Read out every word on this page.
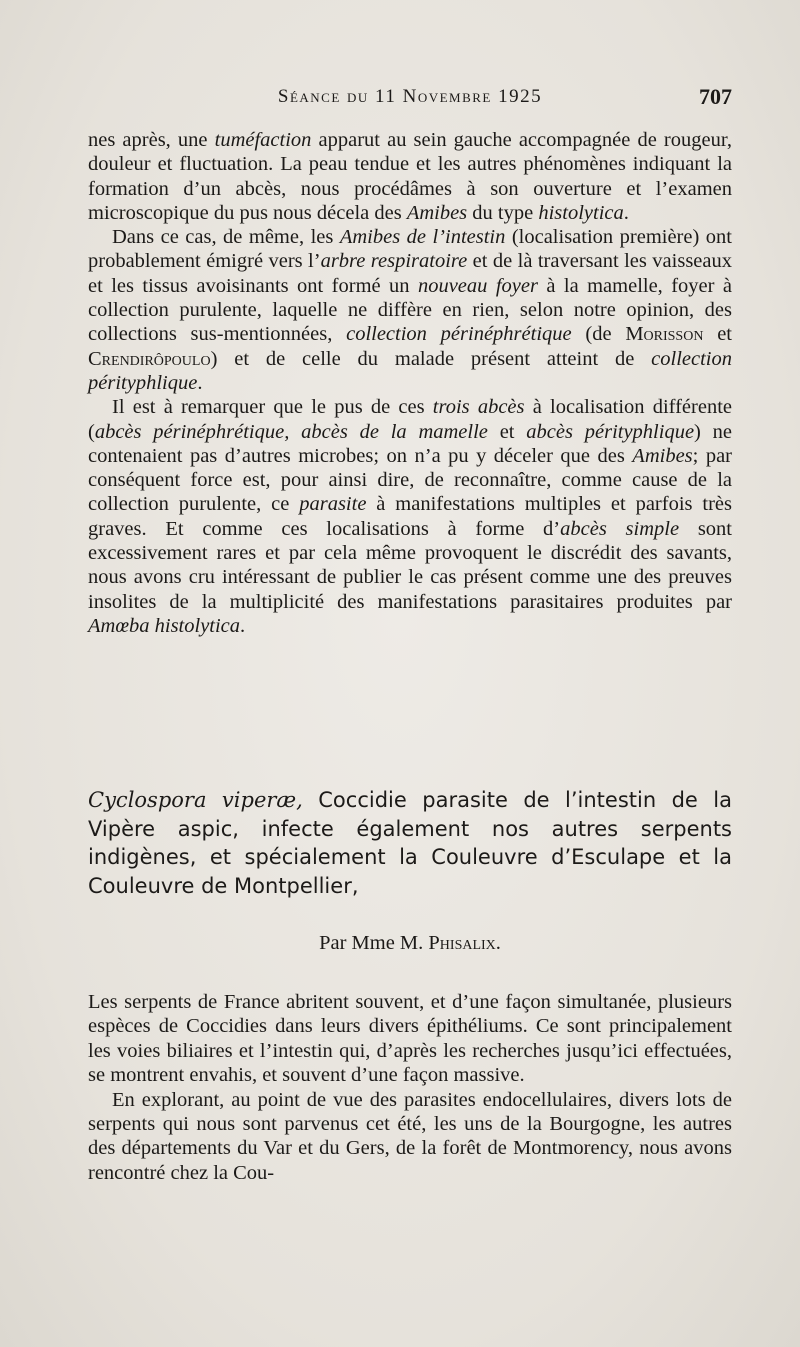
Séance du 11 Novembre 1925	707

nes après, une tuméfaction apparut au sein gauche accompagnée de rougeur, douleur et fluctuation. La peau tendue et les autres phénomènes indiquant la formation d’un abcès, nous procédâmes à son ouverture et l’examen microscopique du pus nous décela des Amibes du type histolytica.

Dans ce cas, de même, les Amibes de l’intestin (localisation première) ont probablement émigré vers l’arbre respiratoire et de là traversant les vaisseaux et les tissus avoisinants ont formé un nouveau foyer à la mamelle, foyer à collection purulente, laquelle ne diffère en rien, selon notre opinion, des collections sus-mentionnées, collection périnéphrétique (de Morisson et Crendirôpoulo) et de celle du malade présent atteint de collection pérityphlique.

Il est à remarquer que le pus de ces trois abcès à localisation différente (abcès périnéphrétique, abcès de la mamelle et abcès pérityphlique) ne contenaient pas d’autres microbes; on n’a pu y déceler que des Amibes; par conséquent force est, pour ainsi dire, de reconnaître, comme cause de la collection purulente, ce parasite à manifestations multiples et parfois très graves. Et comme ces localisations à forme d’abcès simple sont excessivement rares et par cela même provoquent le discrédit des savants, nous avons cru intéressant de publier le cas présent comme une des preuves insolites de la multiplicité des manifestations parasitaires produites par Amœba histolytica.

Cyclospora viperæ, Coccidie parasite de l’intestin de la Vipère aspic, infecte également nos autres serpents indigènes, et spécialement la Couleuvre d’Esculape et la Couleuvre de Montpellier,
Par Mme M. Phisalix.

Les serpents de France abritent souvent, et d’une façon simultanée, plusieurs espèces de Coccidies dans leurs divers épithéliums. Ce sont principalement les voies biliaires et l’intestin qui, d’après les recherches jusqu’ici effectuées, se montrent envahis, et souvent d’une façon massive.

En explorant, au point de vue des parasites endocellulaires, divers lots de serpents qui nous sont parvenus cet été, les uns de la Bourgogne, les autres des départements du Var et du Gers, de la forêt de Montmorency, nous avons rencontré chez la Cou-
